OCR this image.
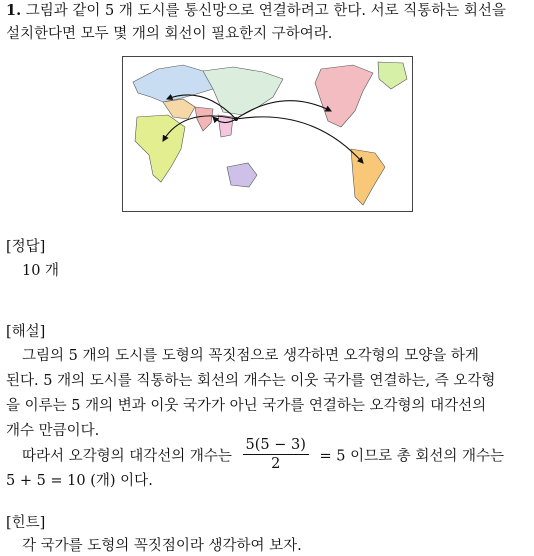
1. 그림과 같이 5 개 도시를 통신망으로 연결하려고 한다. 서로 직통하는 회선을
설치한다면 모두 몇 개의 회선이 필요한지 구하여라.
[정답]
10 개
[해설]
그림의 5 개의 도시를 도형의 꼭짓점으로 생각하면 오각형의 모양을 하게
된다. 5 개의 도시를 직통하는 회선의 개수는 이웃 국가를 연결하는, 즉 오각형
을 이루는 5 개의 변과 이웃 국가가 아닌 국가를 연결하는 오각형의 대각선의
개수 만큼이다.
따라서 오각형의 대각선의 개수는 $\frac{5(5 - 3)}{2} = 5$ 이므로 총 회선의 개수는
5 + 5 = 10 (개) 이다.
[힌트]
각 국가를 도형의 꼭짓점이라 생각하여 보자.
